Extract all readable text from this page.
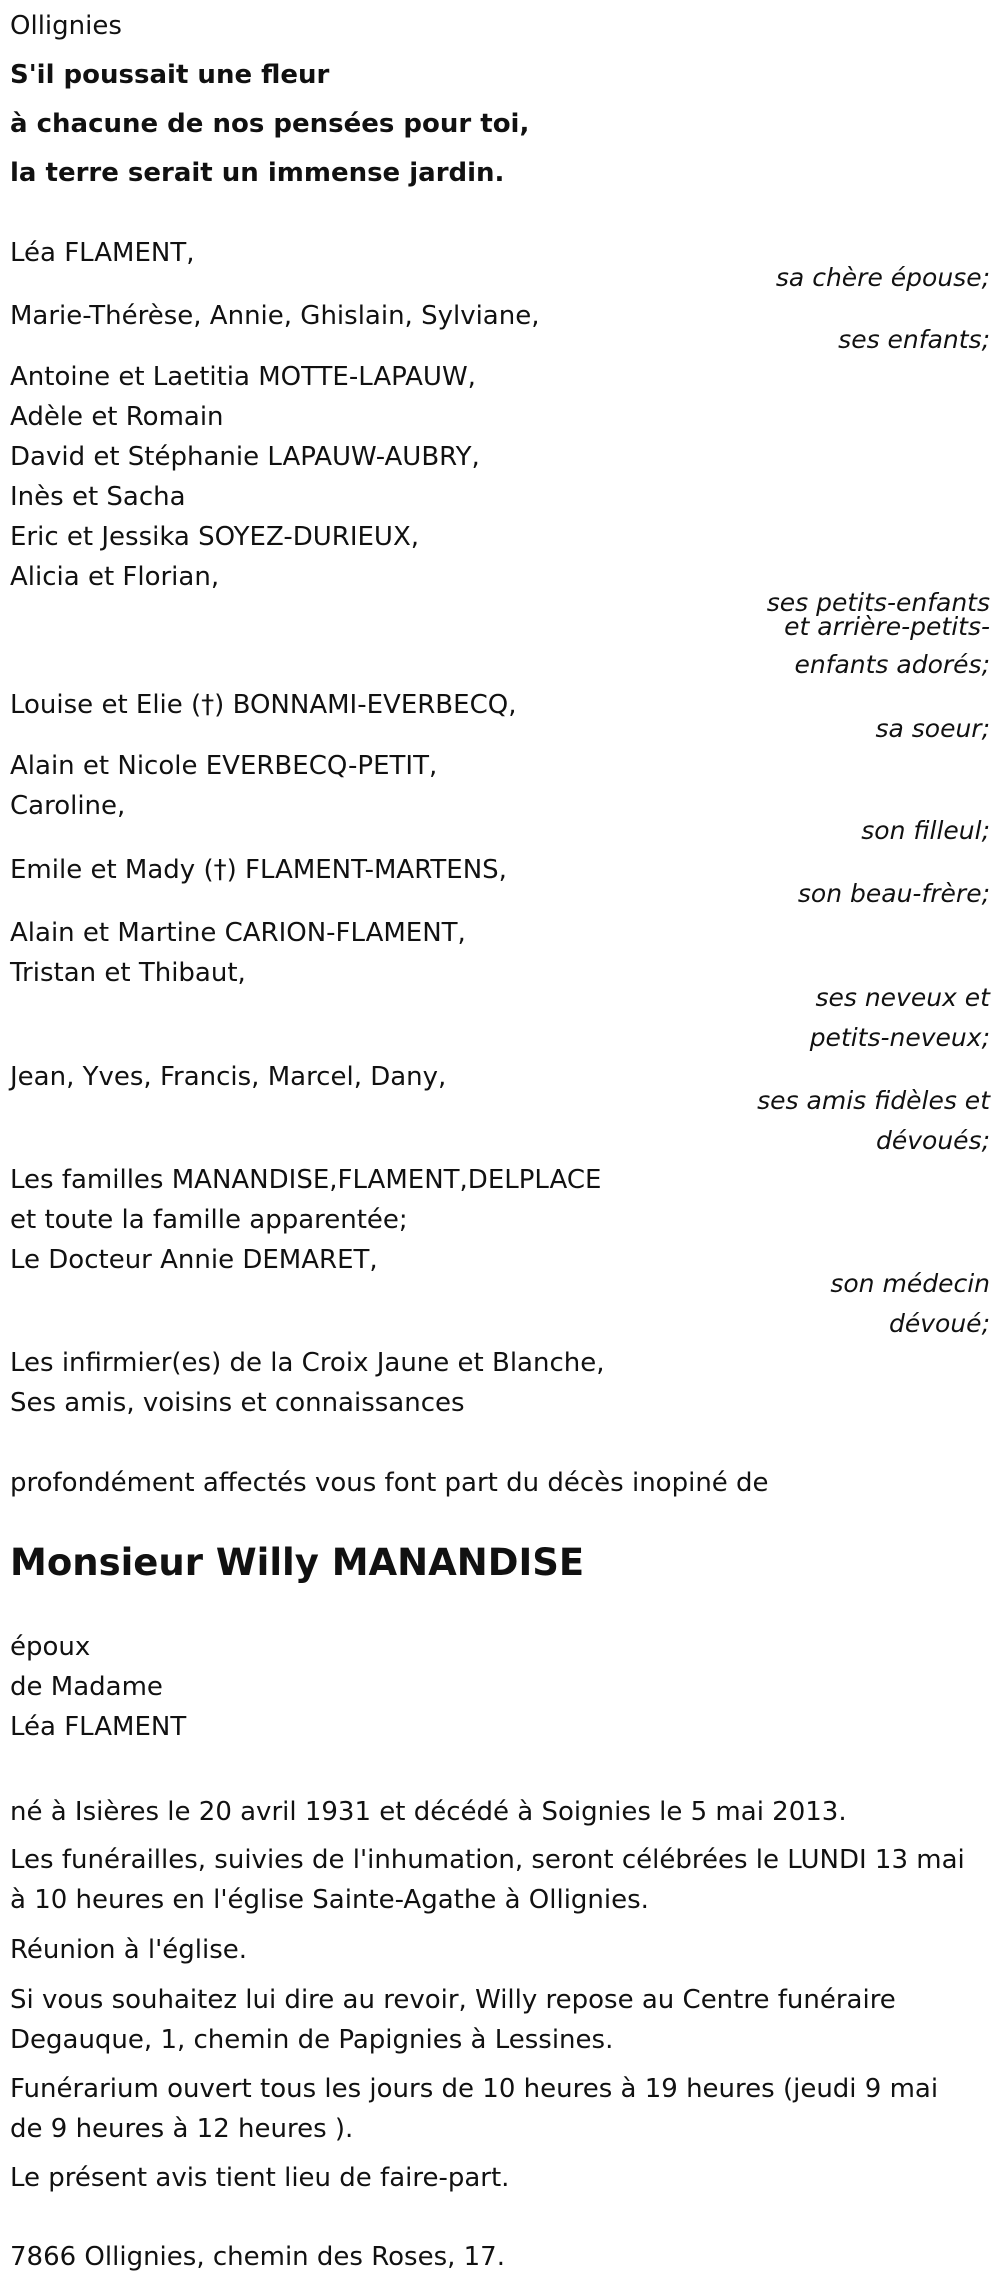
Ollignies
S'il poussait une fleur
à chacune de nos pensées pour toi,
la terre serait un immense jardin.
Léa FLAMENT,
sa chère épouse;
Marie-Thérèse, Annie, Ghislain, Sylviane,
ses enfants;
Antoine et Laetitia MOTTE-LAPAUW,
Adèle et Romain
David et Stéphanie LAPAUW-AUBRY,
Inès et Sacha
Eric et Jessika SOYEZ-DURIEUX,
Alicia et Florian,
ses petits-enfants
et arrière-petits-
enfants adorés;
Louise et Elie (†) BONNAMI-EVERBECQ,
sa soeur;
Alain et Nicole EVERBECQ-PETIT,
Caroline,
son filleul;
Emile et Mady (†) FLAMENT-MARTENS,
son beau-frère;
Alain et Martine CARION-FLAMENT,
Tristan et Thibaut,
ses neveux et
petits-neveux;
Jean, Yves, Francis, Marcel, Dany,
ses amis fidèles et
dévoués;
Les familles MANANDISE,FLAMENT,DELPLACE
et toute la famille apparentée;
Le Docteur Annie DEMARET,
son médecin
dévoué;
Les infirmier(es) de la Croix Jaune et Blanche,
Ses amis, voisins et connaissances
profondément affectés vous font part du décès inopiné de
Monsieur Willy MANANDISE
époux
de Madame
Léa FLAMENT
né à Isières le 20 avril 1931 et décédé à Soignies le 5 mai 2013.
Les funérailles, suivies de l'inhumation, seront célébrées le LUNDI 13 mai
à 10 heures en l'église Sainte-Agathe à Ollignies.
Réunion à l'église.
Si vous souhaitez lui dire au revoir, Willy repose au Centre funéraire
Degauque, 1, chemin de Papignies à Lessines.
Funérarium ouvert tous les jours de 10 heures à 19 heures (jeudi 9 mai
de 9 heures à 12 heures ).
Le présent avis tient lieu de faire-part.
7866 Ollignies, chemin des Roses, 17.
